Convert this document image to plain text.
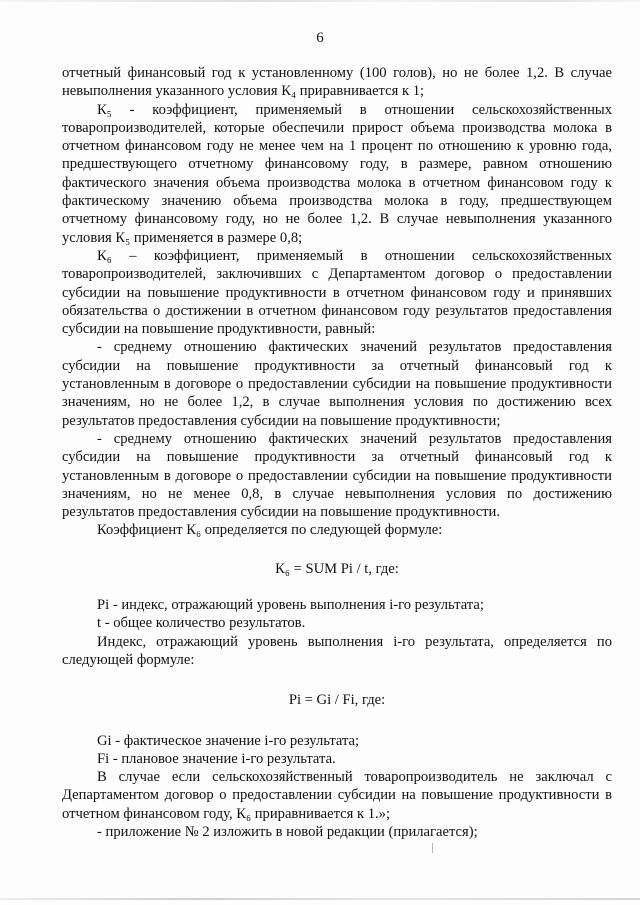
6

отчетный финансовый год к установленному (100 голов), но не более 1,2. В случае невыполнения указанного условия К₄ приравнивается к 1;

К₅ - коэффициент, применяемый в отношении сельскохозяйственных товаропроизводителей, которые обеспечили прирост объема производства молока в отчетном финансовом году не менее чем на 1 процент по отношению к уровню года, предшествующего отчетному финансовому году, в размере, равном отношению фактического значения объема производства молока в отчетном финансовом году к фактическому значению объема производства молока в году, предшествующем отчетному финансовому году, но не более 1,2. В случае невыполнения указанного условия К₅ применяется в размере 0,8;

К₆ – коэффициент, применяемый в отношении сельскохозяйственных товаропроизводителей, заключивших с Департаментом договор о предоставлении субсидии на повышение продуктивности в отчетном финансовом году и принявших обязательства о достижении в отчетном финансовом году результатов предоставления субсидии на повышение продуктивности, равный:

- среднему отношению фактических значений результатов предоставления субсидии на повышение продуктивности за отчетный финансовый год к установленным в договоре о предоставлении субсидии на повышение продуктивности значениям, но не более 1,2, в случае выполнения условия по достижению всех результатов предоставления субсидии на повышение продуктивности;

- среднему отношению фактических значений результатов предоставления субсидии на повышение продуктивности за отчетный финансовый год к установленным в договоре о предоставлении субсидии на повышение продуктивности значениям, но не менее 0,8, в случае невыполнения условия по достижению результатов предоставления субсидии на повышение продуктивности.

Коэффициент К₆ определяется по следующей формуле:

К₆ = SUM Pi / t, где:

Pi - индекс, отражающий уровень выполнения i-го результата;

t - общее количество результатов.

Индекс, отражающий уровень выполнения i-го результата, определяется по следующей формуле:

Pi = Gi / Fi, где:

Gi - фактическое значение i-го результата;

Fi - плановое значение i-го результата.

В случае если сельскохозяйственный товаропроизводитель не заключал с Департаментом договор о предоставлении субсидии на повышение продуктивности в отчетном финансовом году, К₆ приравнивается к 1.»;

- приложение № 2 изложить в новой редакции (прилагается);
